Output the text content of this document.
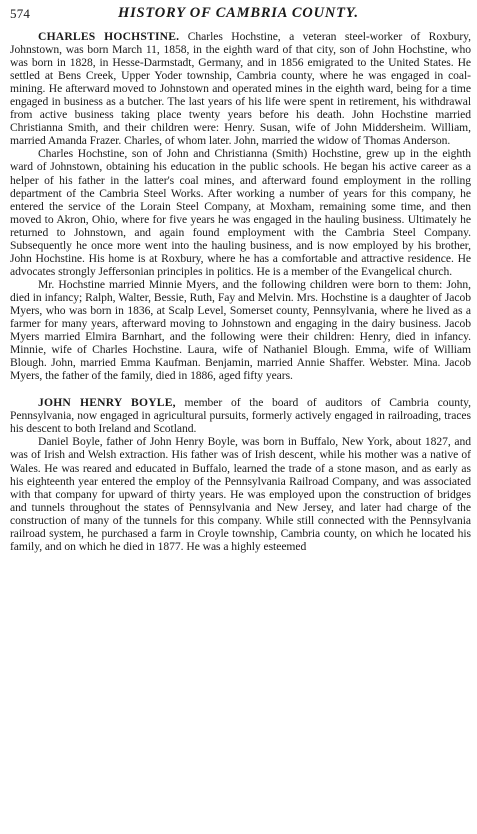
574	HISTORY OF CAMBRIA COUNTY.

CHARLES HOCHSTINE. Charles Hochstine, a veteran steel-worker of Roxbury, Johnstown, was born March 11, 1858, in the eighth ward of that city, son of John Hochstine, who was born in 1828, in Hesse-Darmstadt, Germany, and in 1856 emigrated to the United States. He settled at Bens Creek, Upper Yoder township, Cambria county, where he was engaged in coal-mining. He afterward moved to Johnstown and operated mines in the eighth ward, being for a time engaged in business as a butcher. The last years of his life were spent in retirement, his withdrawal from active business taking place twenty years before his death. John Hochstine married Christianna Smith, and their children were: Henry. Susan, wife of John Middersheim. William, married Amanda Frazer. Charles, of whom later. John, married the widow of Thomas Anderson.

Charles Hochstine, son of John and Christianna (Smith) Hochstine, grew up in the eighth ward of Johnstown, obtaining his education in the public schools. He began his active career as a helper of his father in the latter's coal mines, and afterward found employment in the rolling department of the Cambria Steel Works. After working a number of years for this company, he entered the service of the Lorain Steel Company, at Moxham, remaining some time, and then moved to Akron, Ohio, where for five years he was engaged in the hauling business. Ultimately he returned to Johnstown, and again found employment with the Cambria Steel Company. Subsequently he once more went into the hauling business, and is now employed by his brother, John Hochstine. His home is at Roxbury, where he has a comfortable and attractive residence. He advocates strongly Jeffersonian principles in politics. He is a member of the Evangelical church.

Mr. Hochstine married Minnie Myers, and the following children were born to them: John, died in infancy; Ralph, Walter, Bessie, Ruth, Fay and Melvin. Mrs. Hochstine is a daughter of Jacob Myers, who was born in 1836, at Scalp Level, Somerset county, Pennsylvania, where he lived as a farmer for many years, afterward moving to Johnstown and engaging in the dairy business. Jacob Myers married Elmira Barnhart, and the following were their children: Henry, died in infancy. Minnie, wife of Charles Hochstine. Laura, wife of Nathaniel Blough. Emma, wife of William Blough. John, married Emma Kaufman. Benjamin, married Annie Shaffer. Webster. Mina. Jacob Myers, the father of the family, died in 1886, aged fifty years.

JOHN HENRY BOYLE, member of the board of auditors of Cambria county, Pennsylvania, now engaged in agricultural pursuits, formerly actively engaged in railroading, traces his descent to both Ireland and Scotland.

Daniel Boyle, father of John Henry Boyle, was born in Buffalo, New York, about 1827, and was of Irish and Welsh extraction. His father was of Irish descent, while his mother was a native of Wales. He was reared and educated in Buffalo, learned the trade of a stone mason, and as early as his eighteenth year entered the employ of the Pennsylvania Railroad Company, and was associated with that company for upward of thirty years. He was employed upon the construction of bridges and tunnels throughout the states of Pennsylvania and New Jersey, and later had charge of the construction of many of the tunnels for this company. While still connected with the Pennsylvania railroad system, he purchased a farm in Croyle township, Cambria county, on which he located his family, and on which he died in 1877. He was a highly esteemed
